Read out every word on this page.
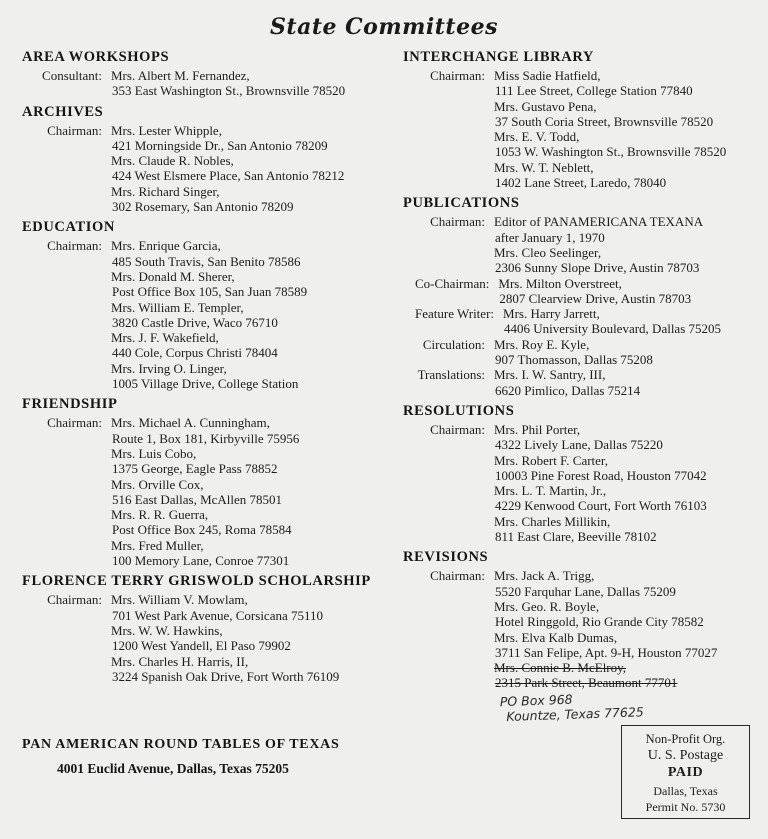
State Committees
AREA WORKSHOPS
Consultant: Mrs. Albert M. Fernandez,
353 East Washington St., Brownsville 78520
ARCHIVES
Chairman: Mrs. Lester Whipple,
421 Morningside Dr., San Antonio 78209
Mrs. Claude R. Nobles,
424 West Elsmere Place, San Antonio 78212
Mrs. Richard Singer,
302 Rosemary, San Antonio 78209
EDUCATION
Chairman: Mrs. Enrique Garcia,
485 South Travis, San Benito 78586
Mrs. Donald M. Sherer,
Post Office Box 105, San Juan 78589
Mrs. William E. Templer,
3820 Castle Drive, Waco 76710
Mrs. J. F. Wakefield,
440 Cole, Corpus Christi 78404
Mrs. Irving O. Linger,
1005 Village Drive, College Station
FRIENDSHIP
Chairman: Mrs. Michael A. Cunningham,
Route 1, Box 181, Kirbyville 75956
Mrs. Luis Cobo,
1375 George, Eagle Pass 78852
Mrs. Orville Cox,
516 East Dallas, McAllen 78501
Mrs. R. R. Guerra,
Post Office Box 245, Roma 78584
Mrs. Fred Muller,
100 Memory Lane, Conroe 77301
FLORENCE TERRY GRISWOLD SCHOLARSHIP
Chairman: Mrs. William V. Mowlam,
701 West Park Avenue, Corsicana 75110
Mrs. W. W. Hawkins,
1200 West Yandell, El Paso 79902
Mrs. Charles H. Harris, II,
3224 Spanish Oak Drive, Fort Worth 76109
INTERCHANGE LIBRARY
Chairman: Miss Sadie Hatfield,
111 Lee Street, College Station 77840
Mrs. Gustavo Pena,
37 South Coria Street, Brownsville 78520
Mrs. E. V. Todd,
1053 W. Washington St., Brownsville 78520
Mrs. W. T. Neblett,
1402 Lane Street, Laredo, 78040
PUBLICATIONS
Chairman: Editor of PANAMERICANA TEXANA
after January 1, 1970
Mrs. Cleo Seelinger,
2306 Sunny Slope Drive, Austin 78703
Co-Chairman: Mrs. Milton Overstreet,
2807 Clearview Drive, Austin 78703
Feature Writer: Mrs. Harry Jarrett,
4406 University Boulevard, Dallas 75205
Circulation: Mrs. Roy E. Kyle,
907 Thomasson, Dallas 75208
Translations: Mrs. I. W. Santry, III,
6620 Pimlico, Dallas 75214
RESOLUTIONS
Chairman: Mrs. Phil Porter,
4322 Lively Lane, Dallas 75220
Mrs. Robert F. Carter,
10003 Pine Forest Road, Houston 77042
Mrs. L. T. Martin, Jr.,
4229 Kenwood Court, Fort Worth 76103
Mrs. Charles Millikin,
811 East Clare, Beeville 78102
REVISIONS
Chairman: Mrs. Jack A. Trigg,
5520 Farquhar Lane, Dallas 75209
Mrs. Geo. R. Boyle,
Hotel Ringgold, Rio Grande City 78582
Mrs. Elva Kalb Dumas,
3711 San Felipe, Apt. 9-H, Houston 77027
Mrs. Connie B. McElroy,
2315 Park Street, Beaumont 77701
PO Box 968
Kountze, Texas 77625
PAN AMERICAN ROUND TABLES OF TEXAS
4001 Euclid Avenue, Dallas, Texas 75205
Non-Profit Org.
U. S. Postage
PAID
Dallas, Texas
Permit No. 5730
